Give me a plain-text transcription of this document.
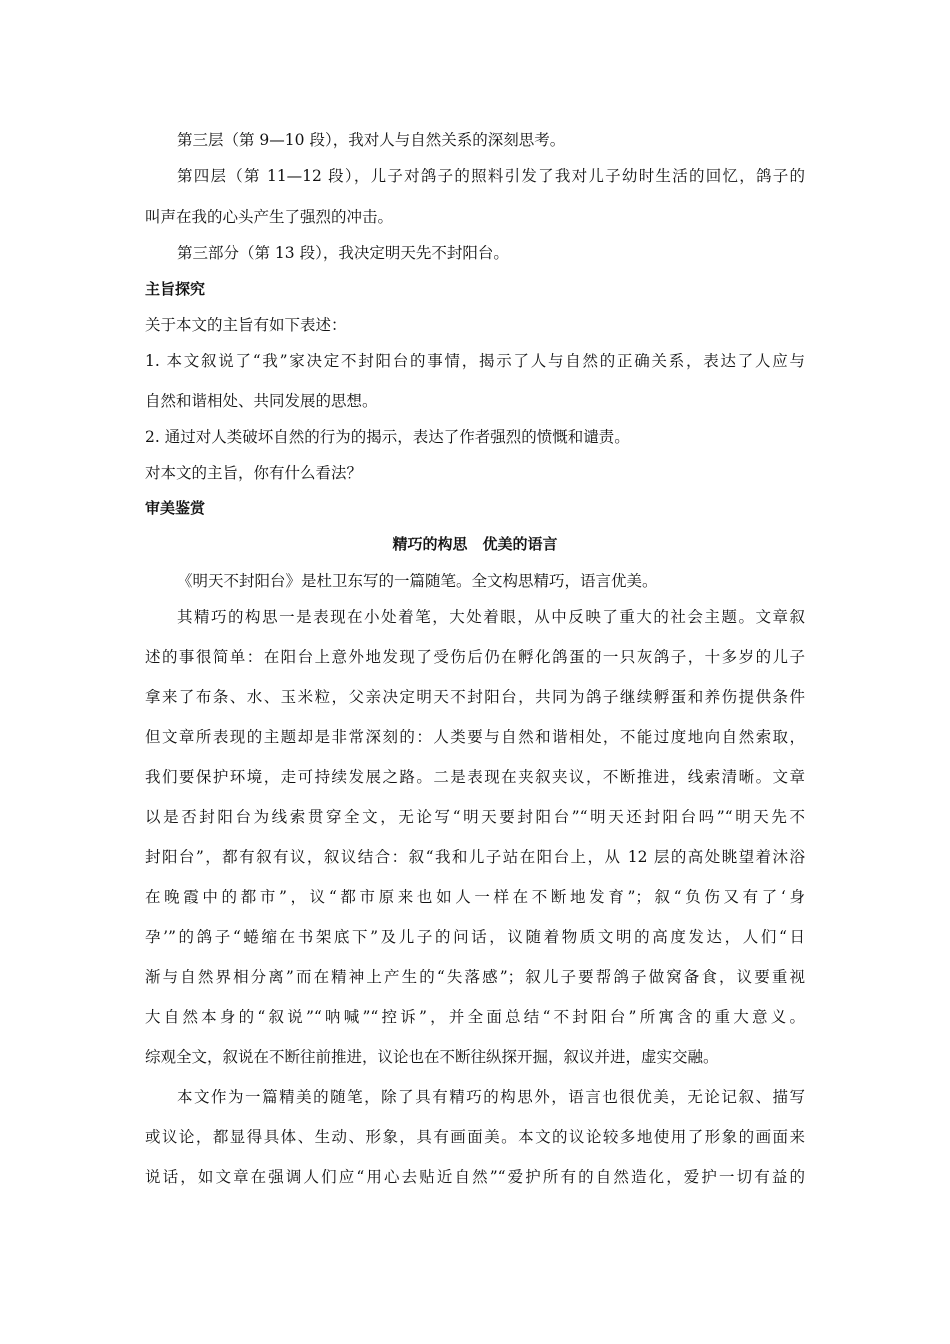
第三层（第 9—10 段），我对人与自然关系的深刻思考。
第四层（第 11—12 段），儿子对鸽子的照料引发了我对儿子幼时生活的回忆，鸽子的
叫声在我的心头产生了强烈的冲击。
第三部分（第 13 段），我决定明天先不封阳台。
主旨探究
关于本文的主旨有如下表述：
1. 本文叙说了“我”家决定不封阳台的事情，揭示了人与自然的正确关系，表达了人应与
自然和谐相处、共同发展的思想。
2. 通过对人类破坏自然的行为的揭示，表达了作者强烈的愤慨和谴责。
对本文的主旨，你有什么看法？
审美鉴赏
精巧的构思　优美的语言
《明天不封阳台》是杜卫东写的一篇随笔。全文构思精巧，语言优美。
其精巧的构思一是表现在小处着笔，大处着眼，从中反映了重大的社会主题。文章叙
述的事很简单：在阳台上意外地发现了受伤后仍在孵化鸽蛋的一只灰鸽子，十多岁的儿子
拿来了布条、水、玉米粒，父亲决定明天不封阳台，共同为鸽子继续孵蛋和养伤提供条件
但文章所表现的主题却是非常深刻的：人类要与自然和谐相处，不能过度地向自然索取，
我们要保护环境，走可持续发展之路。二是表现在夹叙夹议，不断推进，线索清晰。文章
以是否封阳台为线索贯穿全文，无论写“明天要封阳台”“明天还封阳台吗”“明天先不
封阳台”，都有叙有议，叙议结合：叙“我和儿子站在阳台上，从 12 层的高处眺望着沐浴
在晚霞中的都市”，议“都市原来也如人一样在不断地发育”；叙“负伤又有了‘身
孕’”的鸽子“蜷缩在书架底下”及儿子的问话，议随着物质文明的高度发达，人们“日
渐与自然界相分离”而在精神上产生的“失落感”；叙儿子要帮鸽子做窝备食，议要重视
大自然本身的“叙说”“呐喊”“控诉”，并全面总结“不封阳台”所寓含的重大意义。
综观全文，叙说在不断往前推进，议论也在不断往纵探开掘，叙议并进，虚实交融。
本文作为一篇精美的随笔，除了具有精巧的构思外，语言也很优美，无论记叙、描写
或议论，都显得具体、生动、形象，具有画面美。本文的议论较多地使用了形象的画面来
说话，如文章在强调人们应“用心去贴近自然”“爱护所有的自然造化，爱护一切有益的
